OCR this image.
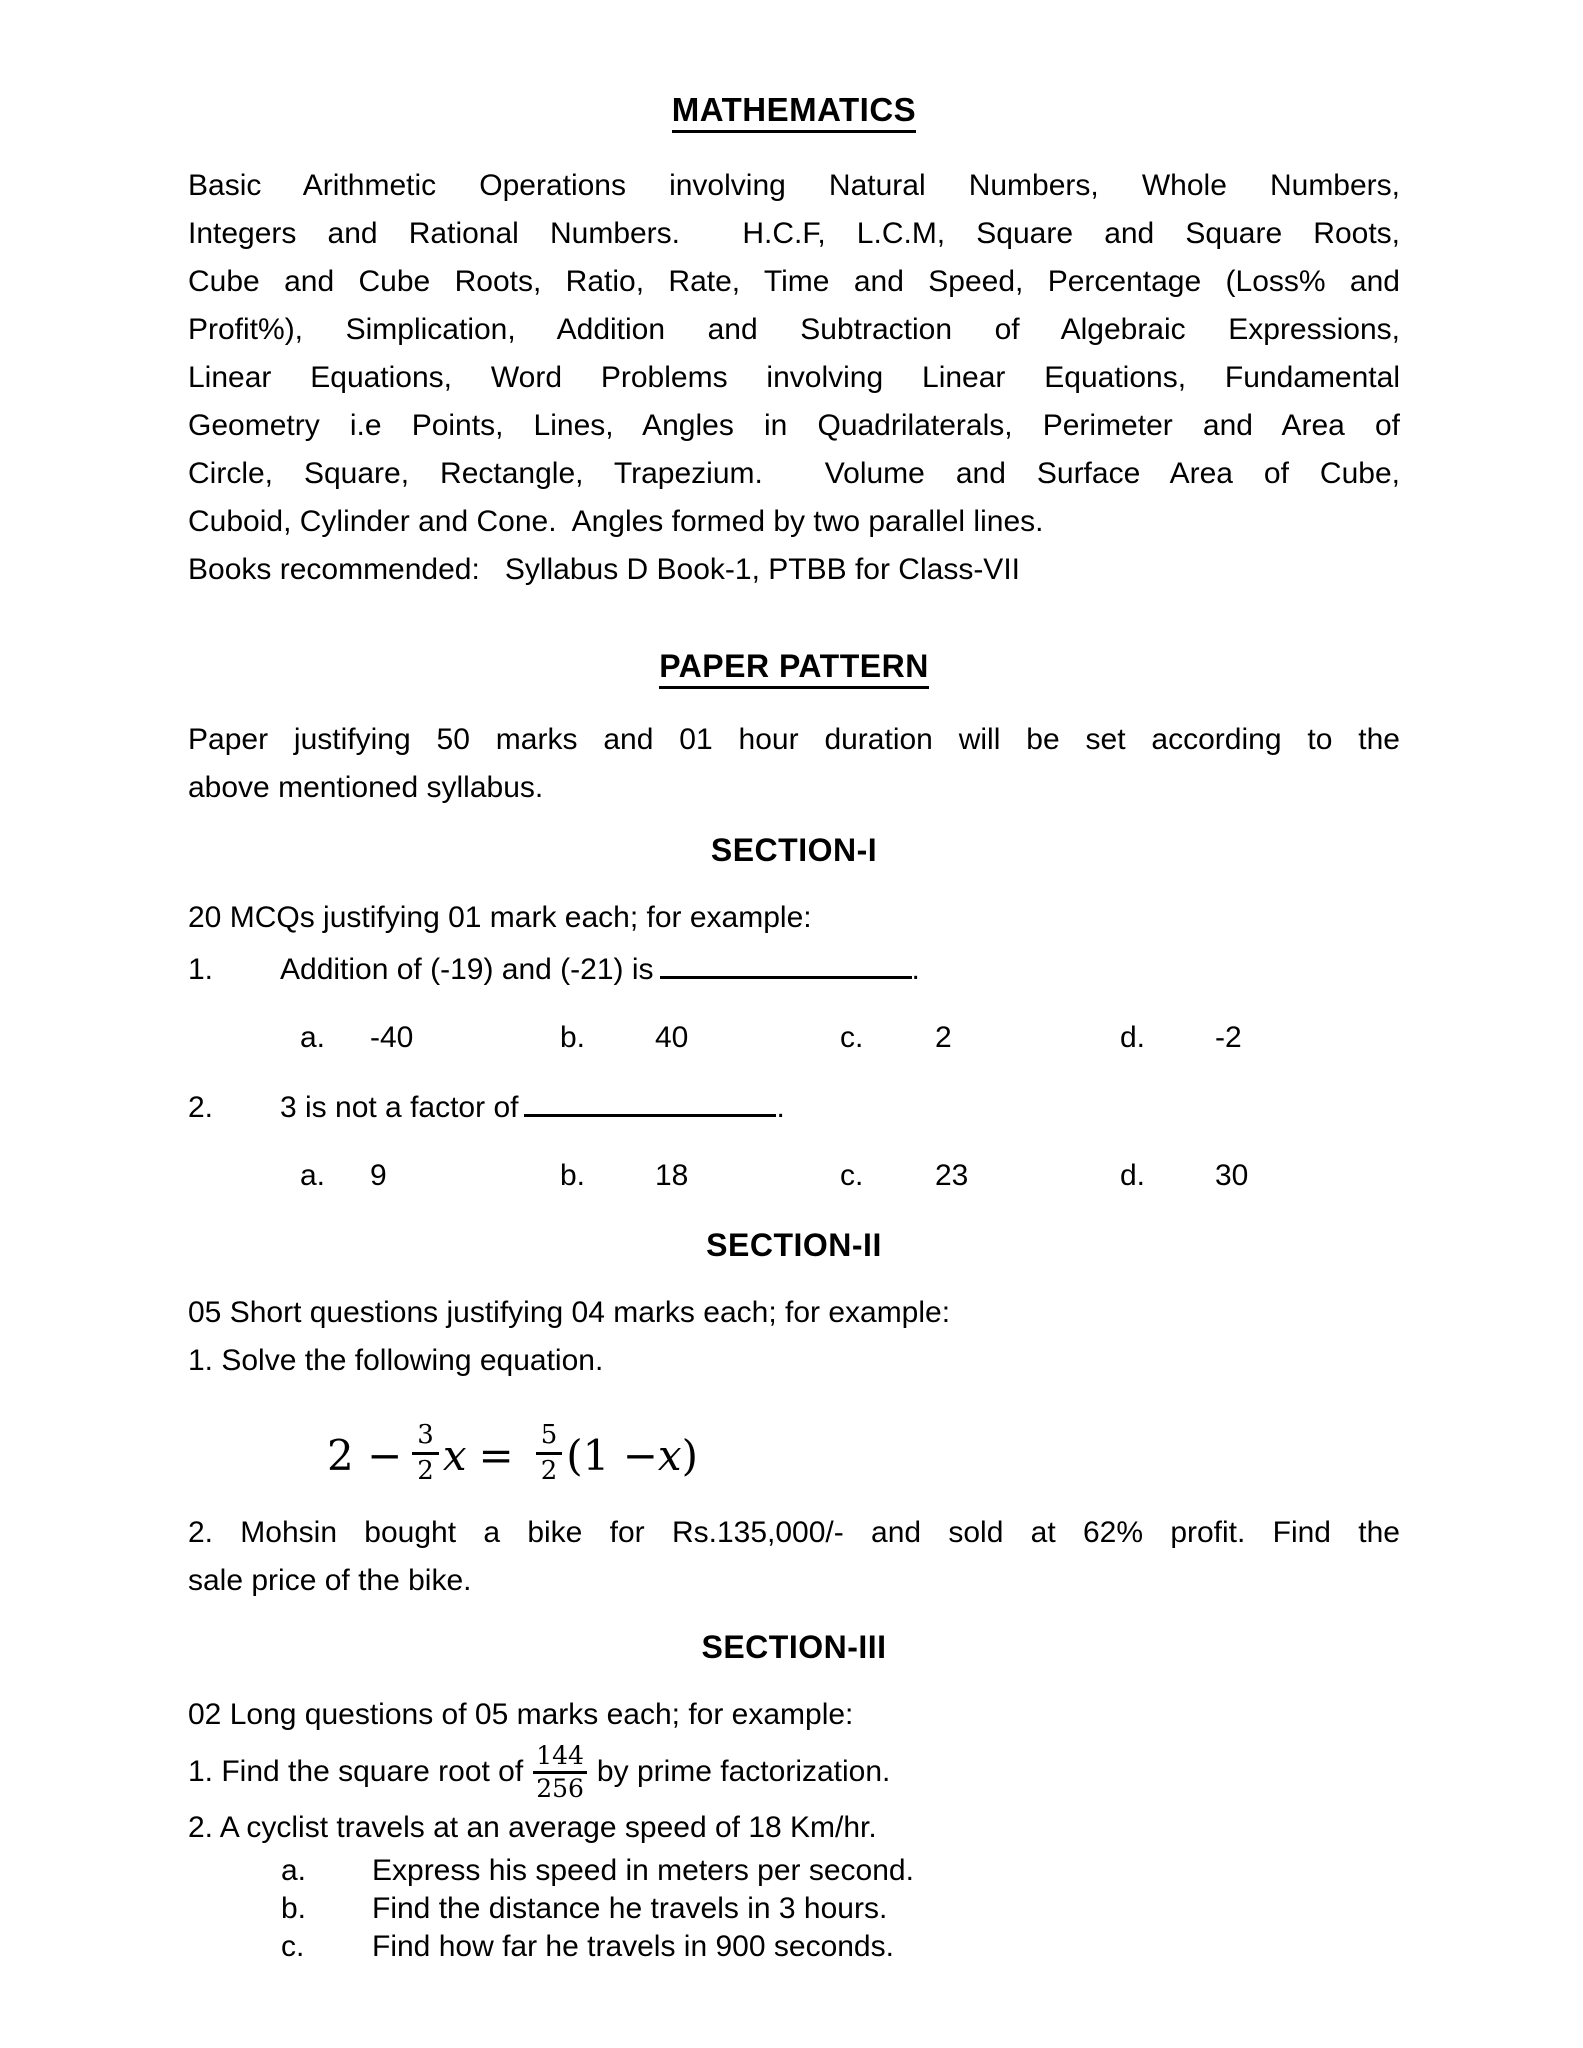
MATHEMATICS
Basic Arithmetic Operations involving Natural Numbers, Whole Numbers,
Integers and Rational Numbers.  H.C.F, L.C.M, Square and Square Roots,
Cube and Cube Roots, Ratio, Rate, Time and Speed, Percentage (Loss% and
Profit%), Simplication, Addition and Subtraction of Algebraic Expressions,
Linear Equations, Word Problems involving Linear Equations, Fundamental
Geometry i.e Points, Lines, Angles in Quadrilaterals, Perimeter and Area of
Circle, Square, Rectangle, Trapezium.  Volume and Surface Area of Cube,
Cuboid, Cylinder and Cone.  Angles formed by two parallel lines.
Books recommended:   Syllabus D Book-1, PTBB for Class-VII
PAPER PATTERN
Paper justifying 50 marks and 01 hour duration will be set according to the
above mentioned syllabus.
SECTION-I
20 MCQs justifying 01 mark each; for example:
1. Addition of (-19) and (-21) is	.
a. -40	b. 40	c. 2	d. -2
2. 3 is not a factor of	.
a. 9	b. 18	c. 23	d. 30
SECTION-II
05 Short questions justifying 04 marks each; for example:
1. Solve the following equation.
$2 - \frac{3}{2}$ $x = \frac{5}{2} (1 - x$ )
2. Mohsin bought a bike for Rs.135,000/- and sold at 62% profit. Find the
sale price of the bike.
SECTION-III
02 Long questions of 05 marks each; for example:
1. Find the square root of $\frac{144}{256}$ by prime factorization.
2. A cyclist travels at an average speed of 18 Km/hr.
a. Express his speed in meters per second.
b. Find the distance he travels in 3 hours.
c. Find how far he travels in 900 seconds.
